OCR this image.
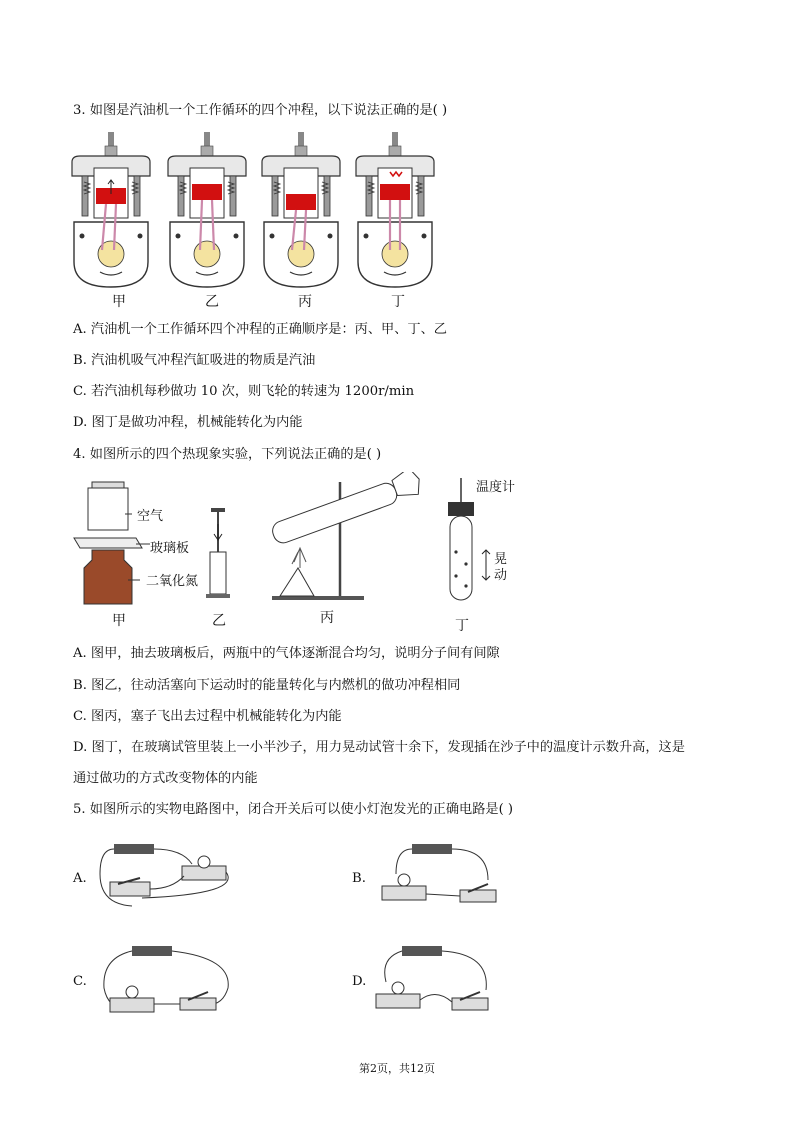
3. 如图是汽油机一个工作循环的四个冲程，以下说法正确的是( )
甲	乙	丙	丁
A. 汽油机一个工作循环四个冲程的正确顺序是：丙、甲、丁、乙
B. 汽油机吸气冲程汽缸吸进的物质是汽油
C. 若汽油机每秒做功 10 次，则飞轮的转速为 1200r/min
D. 图丁是做功冲程，机械能转化为内能
4. 如图所示的四个热现象实验，下列说法正确的是( )
空气
玻璃板
二氧化氮
甲	乙	丙
温度计
晃动
丁
A. 图甲，抽去玻璃板后，两瓶中的气体逐渐混合均匀，说明分子间有间隙
B. 图乙，往动活塞向下运动时的能量转化与内燃机的做功冲程相同
C. 图丙，塞子飞出去过程中机械能转化为内能
D. 图丁，在玻璃试管里装上一小半沙子，用力晃动试管十余下，发现插在沙子中的温度计示数升高，这是
通过做功的方式改变物体的内能
5. 如图所示的实物电路图中，闭合开关后可以使小灯泡发光的正确电路是( )
A.	B.
C.	D.
第2页，共12页
